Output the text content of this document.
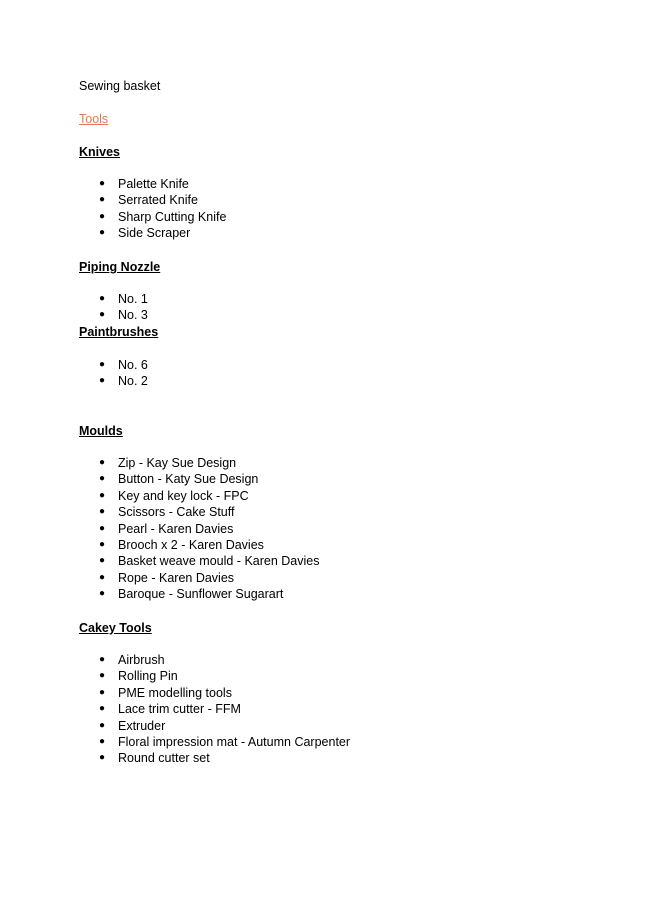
Sewing basket
Tools
Knives
● Palette Knife
● Serrated Knife
● Sharp Cutting Knife
● Side Scraper
Piping Nozzle
● No. 1
● No. 3
Paintbrushes
● No. 6
● No. 2
Moulds
● Zip - Kay Sue Design
● Button - Katy Sue Design
● Key and key lock - FPC
● Scissors - Cake Stuff
● Pearl - Karen Davies
● Brooch x 2 - Karen Davies
● Basket weave mould - Karen Davies
● Rope - Karen Davies
● Baroque - Sunflower Sugarart
Cakey Tools
● Airbrush
● Rolling Pin
● PME modelling tools
● Lace trim cutter - FFM
● Extruder
● Floral impression mat - Autumn Carpenter
● Round cutter set
